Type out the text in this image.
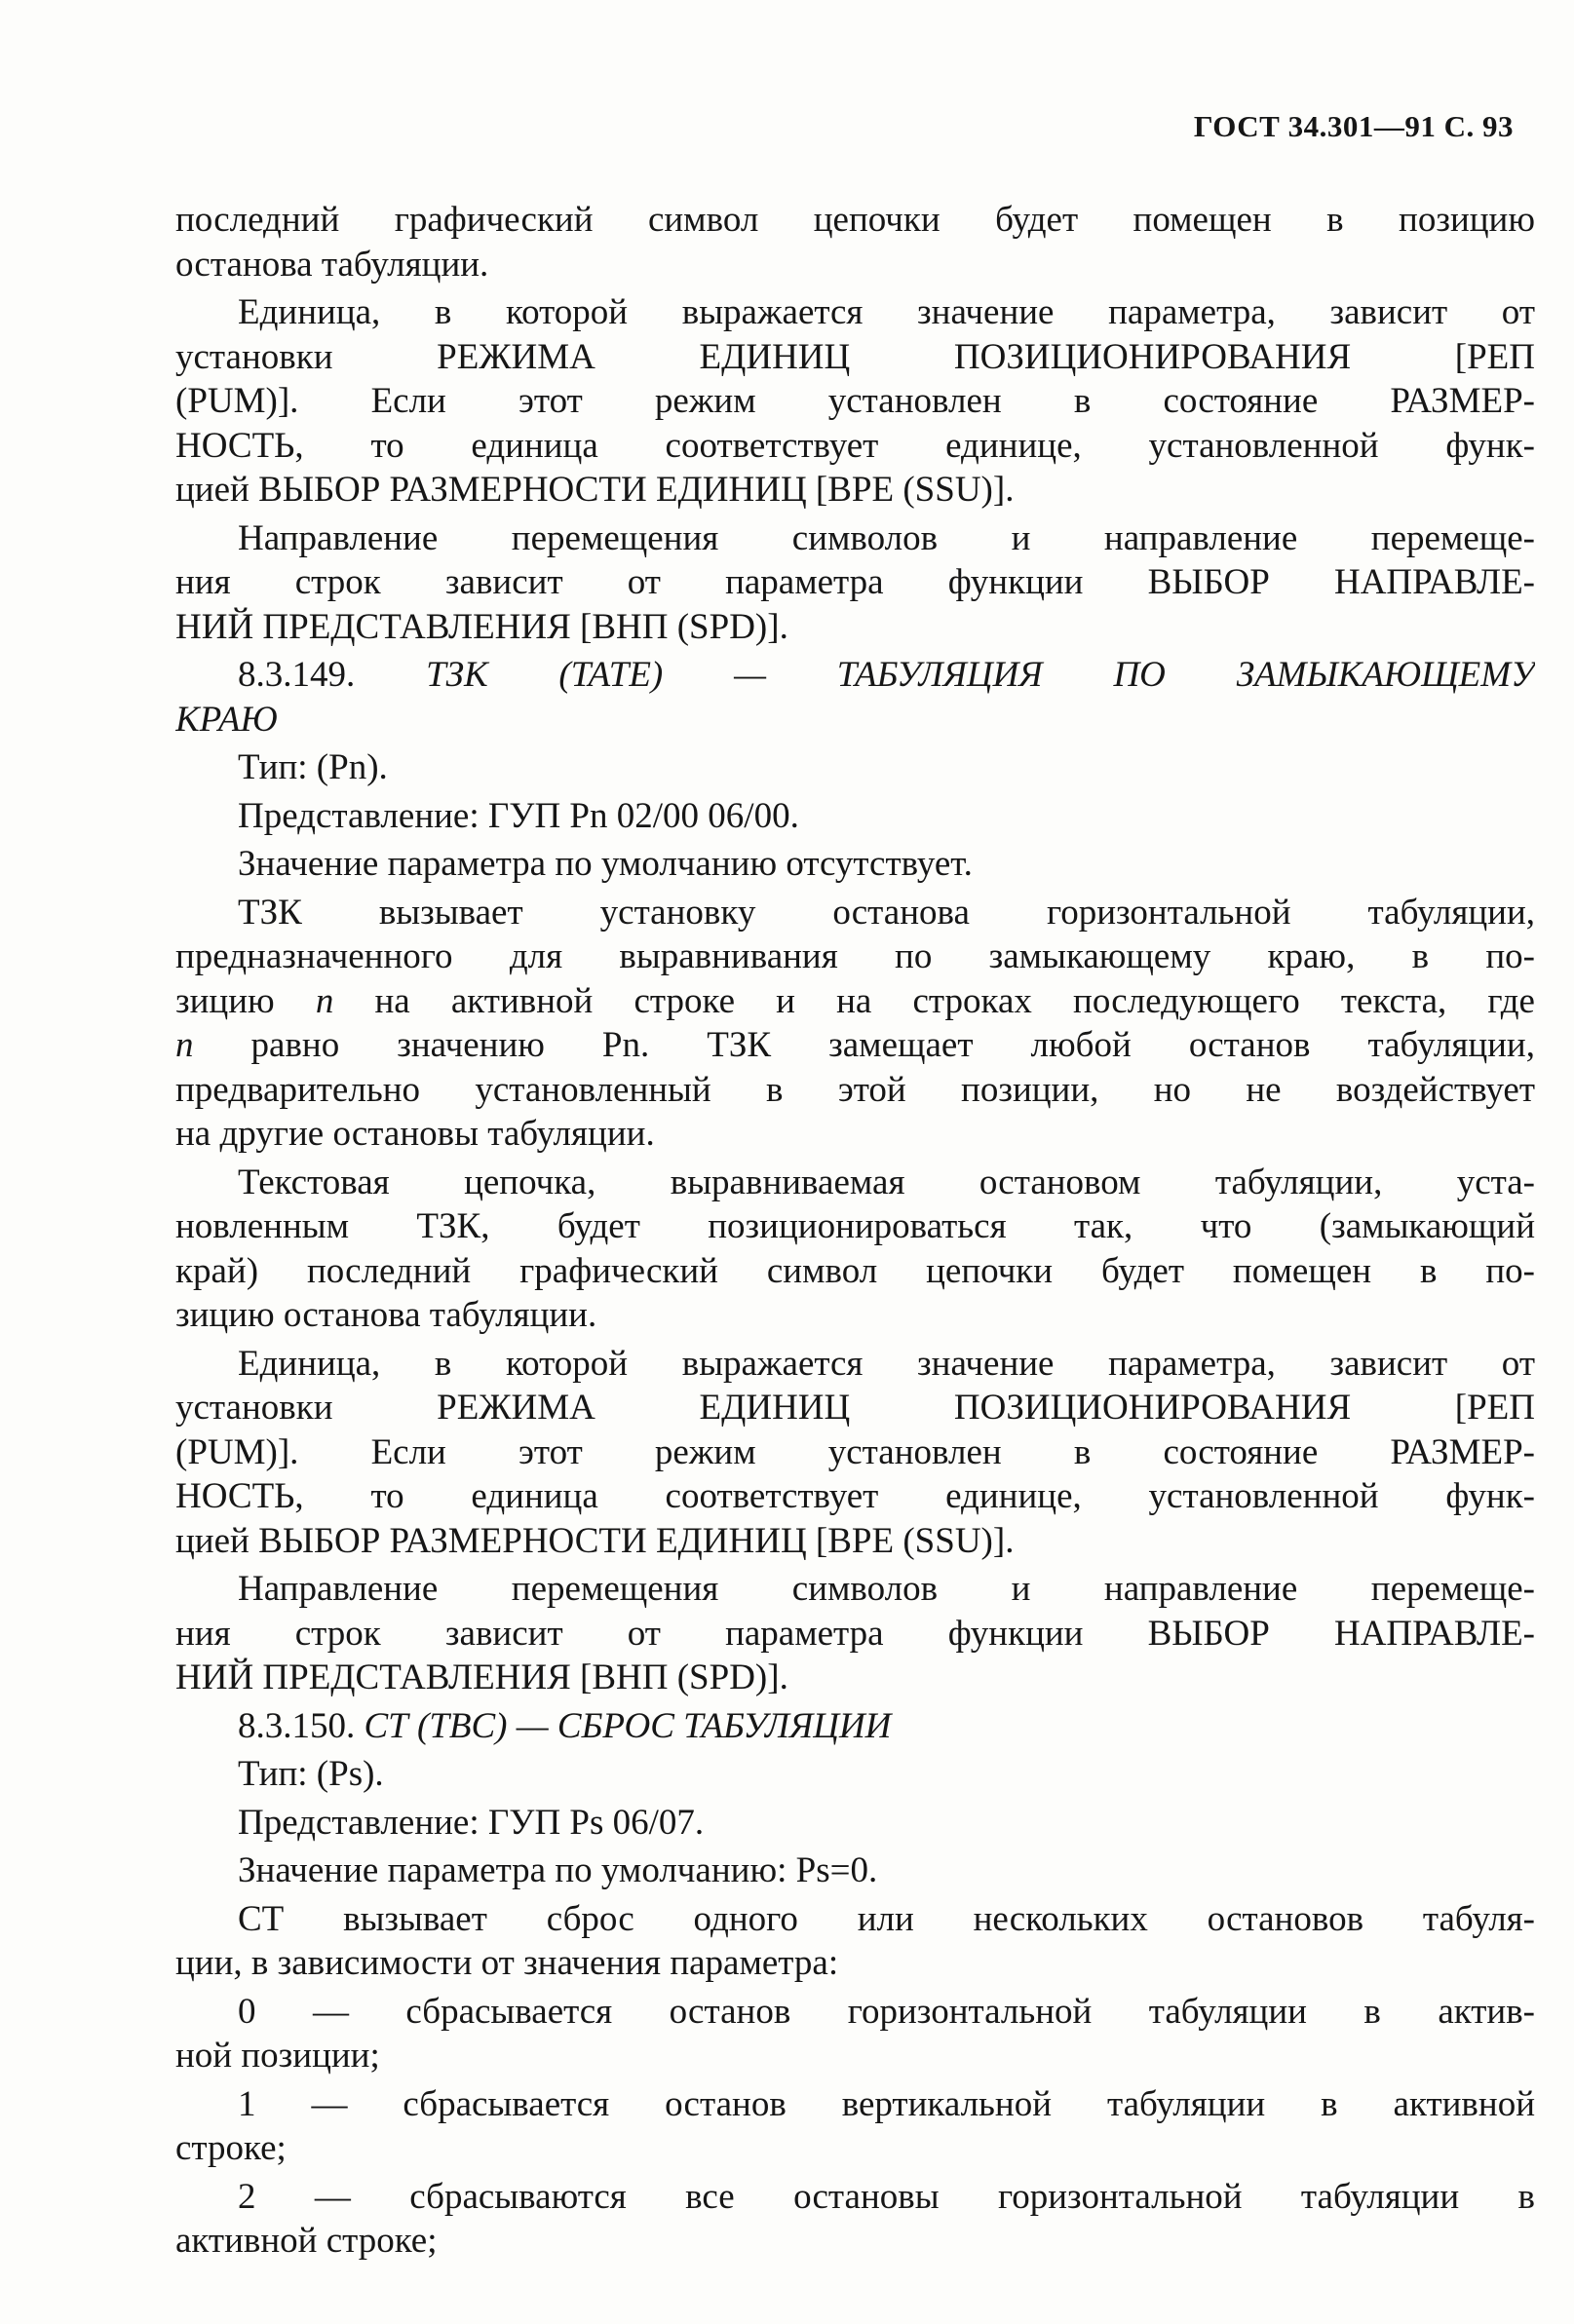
ГОСТ 34.301—91 С. 93
последний графический символ цепочки будет помещен в позицию
останова табуляции.
Единица, в которой выражается значение параметра, зависит от
установки РЕЖИМА ЕДИНИЦ ПОЗИЦИОНИРОВАНИЯ [РЕП
(PUM)]. Если этот режим установлен в состояние РАЗМЕР-
НОСТЬ, то единица соответствует единице, установленной функ-
цией ВЫБОР РАЗМЕРНОСТИ ЕДИНИЦ [ВРЕ (SSU)].
Направление перемещения символов и направление перемеще-
ния строк зависит от параметра функции ВЫБОР НАПРАВЛЕ-
НИЙ ПРЕДСТАВЛЕНИЯ [ВНП (SPD)].
8.3.149. ТЗК (TATE) — ТАБУЛЯЦИЯ ПО ЗАМЫКАЮЩЕМУ
КРАЮ
Тип: (Pn).
Представление: ГУП Pn 02/00 06/00.
Значение параметра по умолчанию отсутствует.
ТЗК вызывает установку останова горизонтальной табуляции,
предназначенного для выравнивания по замыкающему краю, в по-
зицию n на активной строке и на строках последующего текста, где
n равно значению Pn. ТЗК замещает любой останов табуляции,
предварительно установленный в этой позиции, но не воздействует
на другие остановы табуляции.
Текстовая цепочка, выравниваемая остановом табуляции, уста-
новленным ТЗК, будет позиционироваться так, что (замыкающий
край) последний графический символ цепочки будет помещен в по-
зицию останова табуляции.
Единица, в которой выражается значение параметра, зависит от
установки РЕЖИМА ЕДИНИЦ ПОЗИЦИОНИРОВАНИЯ [РЕП
(PUM)]. Если этот режим установлен в состояние РАЗМЕР-
НОСТЬ, то единица соответствует единице, установленной функ-
цией ВЫБОР РАЗМЕРНОСТИ ЕДИНИЦ [ВРЕ (SSU)].
Направление перемещения символов и направление перемеще-
ния строк зависит от параметра функции ВЫБОР НАПРАВЛЕ-
НИЙ ПРЕДСТАВЛЕНИЯ [ВНП (SPD)].
8.3.150. СТ (TBC) — СБРОС ТАБУЛЯЦИИ
Тип: (Ps).
Представление: ГУП Ps 06/07.
Значение параметра по умолчанию: Ps=0.
СТ вызывает сброс одного или нескольких остановов табуля-
ции, в зависимости от значения параметра:
0 — сбрасывается останов горизонтальной табуляции в актив-
ной позиции;
1 — сбрасывается останов вертикальной табуляции в активной
строке;
2 — сбрасываются все остановы горизонтальной табуляции в
активной строке;
